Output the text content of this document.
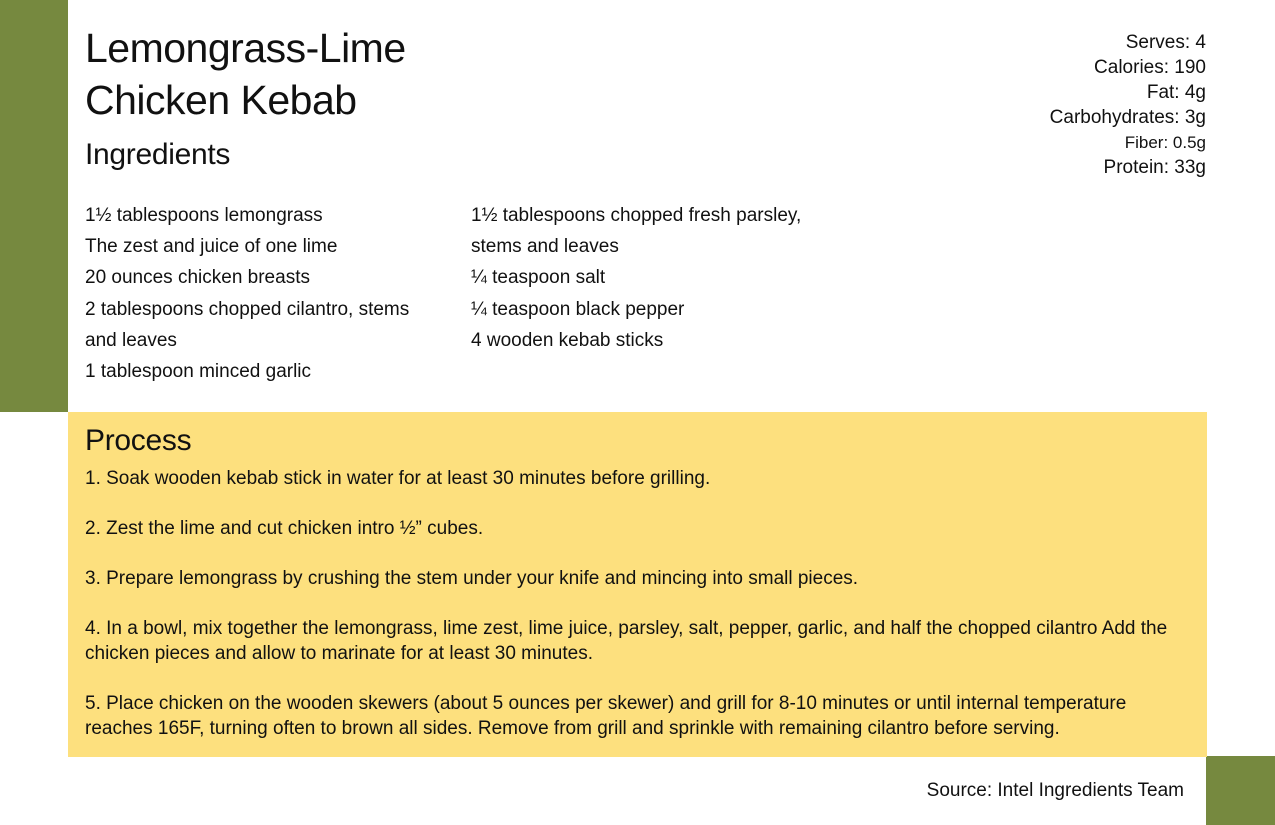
Lemongrass-Lime Chicken Kebab
Serves: 4
Calories: 190
Fat: 4g
Carbohydrates: 3g
Fiber: 0.5g
Protein: 33g
Ingredients
1½ tablespoons lemongrass
The zest and juice of one lime
20 ounces chicken breasts
2 tablespoons chopped cilantro, stems and leaves
1 tablespoon minced garlic
1½ tablespoons chopped fresh parsley, stems and leaves
¼ teaspoon salt
¼ teaspoon black pepper
4 wooden kebab sticks
Process
1. Soak wooden kebab stick in water for at least 30 minutes before grilling.
2. Zest the lime and cut chicken intro ½” cubes.
3. Prepare lemongrass by crushing the stem under your knife and mincing into small pieces.
4. In a bowl, mix together the lemongrass, lime zest, lime juice, parsley, salt, pepper, garlic, and half the chopped cilantro Add the chicken pieces and allow to marinate for at least 30 minutes.
5. Place chicken on the wooden skewers (about 5 ounces per skewer) and grill for 8-10 minutes or until internal temperature reaches 165F, turning often to brown all sides. Remove from grill and sprinkle with remaining cilantro before serving.
Source: Intel Ingredients Team
